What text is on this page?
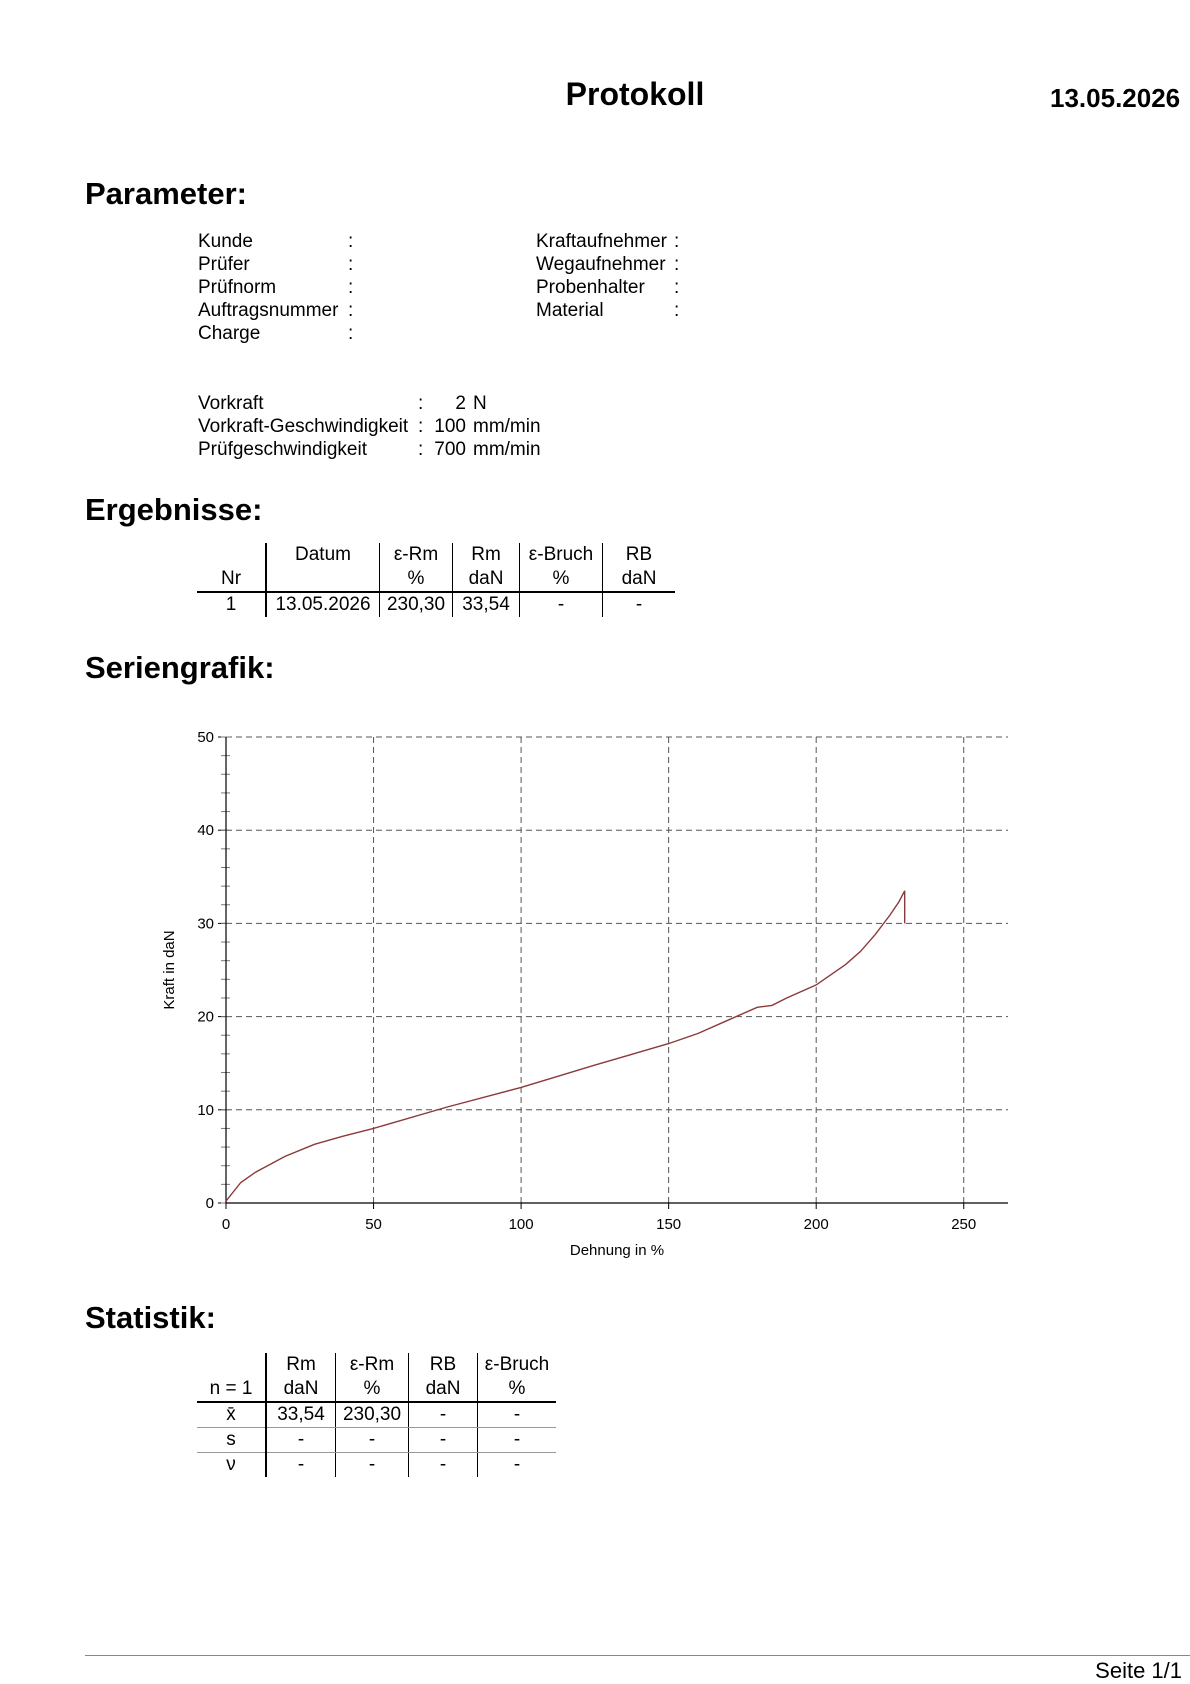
Protokoll	13.05.2026
Parameter:
Kunde	:
Prüfer	:
Prüfnorm	:
Auftragsnummer :
Charge	:
Kraftaufnehmer :
Wegaufnehmer :
Probenhalter :
Material	:
Vorkraft	:	2 N
Vorkraft-Geschwindigkeit : 100 mm/min
Prüfgeschwindigkeit	: 700 mm/min
Ergebnisse:
	Datum	ε-Rm	Rm	ε-Bruch	RB
Nr		%	daN	%	daN
1	13.05.2026	230,30	33,54	-	-
Seriengrafik:
0
10
20
30
40
50
0	50	100	150	200	250
Dehnung in %
Kraft in daN
Statistik:
	Rm	ε-Rm	RB	ε-Bruch
n = 1	daN	%	daN	%
x̄	33,54	230,30	-	-
s	-	-	-	-
ν	-	-	-	-
Seite 1/1
